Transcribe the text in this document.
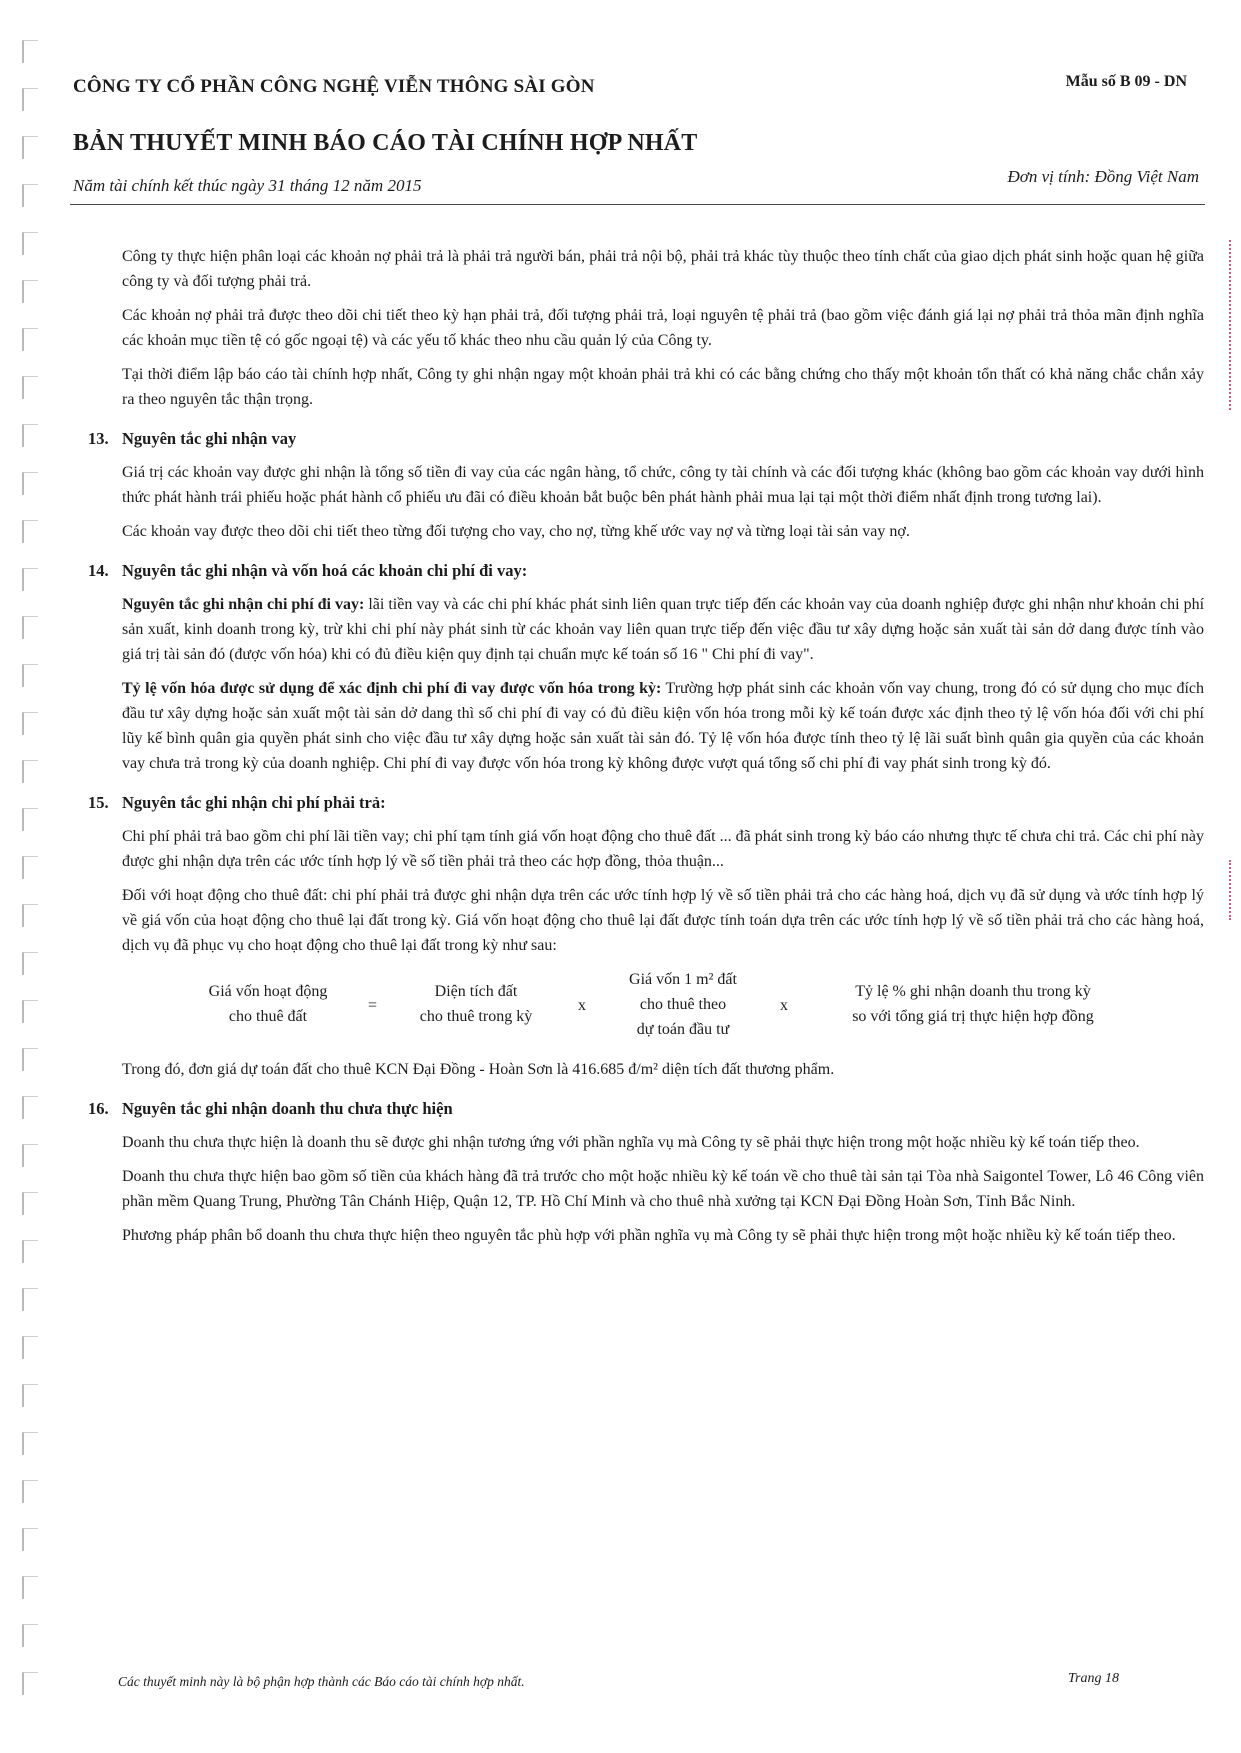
CÔNG TY CỔ PHẦN CÔNG NGHỆ VIỄN THÔNG SÀI GÒN	Mẫu số B 09 - DN
BẢN THUYẾT MINH BÁO CÁO TÀI CHÍNH HỢP NHẤT
Năm tài chính kết thúc ngày 31 tháng 12 năm 2015	Đơn vị tính: Đồng Việt Nam

Công ty thực hiện phân loại các khoản nợ phải trả là phải trả người bán, phải trả nội bộ, phải trả khác tùy thuộc theo tính chất của giao dịch phát sinh hoặc quan hệ giữa công ty và đối tượng phải trả.

Các khoản nợ phải trả được theo dõi chi tiết theo kỳ hạn phải trả, đối tượng phải trả, loại nguyên tệ phải trả (bao gồm việc đánh giá lại nợ phải trả thỏa mãn định nghĩa các khoản mục tiền tệ có gốc ngoại tệ) và các yếu tố khác theo nhu cầu quản lý của Công ty.

Tại thời điểm lập báo cáo tài chính hợp nhất, Công ty ghi nhận ngay một khoản phải trả khi có các bằng chứng cho thấy một khoản tổn thất có khả năng chắc chắn xảy ra theo nguyên tắc thận trọng.

13. Nguyên tắc ghi nhận vay

Giá trị các khoản vay được ghi nhận là tổng số tiền đi vay của các ngân hàng, tổ chức, công ty tài chính và các đối tượng khác (không bao gồm các khoản vay dưới hình thức phát hành trái phiếu hoặc phát hành cổ phiếu ưu đãi có điều khoản bắt buộc bên phát hành phải mua lại tại một thời điểm nhất định trong tương lai).

Các khoản vay được theo dõi chi tiết theo từng đối tượng cho vay, cho nợ, từng khế ước vay nợ và từng loại tài sản vay nợ.

14. Nguyên tắc ghi nhận và vốn hoá các khoản chi phí đi vay:

Nguyên tắc ghi nhận chi phí đi vay: lãi tiền vay và các chi phí khác phát sinh liên quan trực tiếp đến các khoản vay của doanh nghiệp được ghi nhận như khoản chi phí sản xuất, kinh doanh trong kỳ, trừ khi chi phí này phát sinh từ các khoản vay liên quan trực tiếp đến việc đầu tư xây dựng hoặc sản xuất tài sản dở dang được tính vào giá trị tài sản đó (được vốn hóa) khi có đủ điều kiện quy định tại chuẩn mực kế toán số 16 " Chi phí đi vay".

Tỷ lệ vốn hóa được sử dụng để xác định chi phí đi vay được vốn hóa trong kỳ: Trường hợp phát sinh các khoản vốn vay chung, trong đó có sử dụng cho mục đích đầu tư xây dựng hoặc sản xuất một tài sản dở dang thì số chi phí đi vay có đủ điều kiện vốn hóa trong mỗi kỳ kế toán được xác định theo tỷ lệ vốn hóa đối với chi phí lũy kế bình quân gia quyền phát sinh cho việc đầu tư xây dựng hoặc sản xuất tài sản đó. Tỷ lệ vốn hóa được tính theo tỷ lệ lãi suất bình quân gia quyền của các khoản vay chưa trả trong kỳ của doanh nghiệp. Chi phí đi vay được vốn hóa trong kỳ không được vượt quá tổng số chi phí đi vay phát sinh trong kỳ đó.

15. Nguyên tắc ghi nhận chi phí phải trả:

Chi phí phải trả bao gồm chi phí lãi tiền vay; chi phí tạm tính giá vốn hoạt động cho thuê đất ... đã phát sinh trong kỳ báo cáo nhưng thực tế chưa chi trả. Các chi phí này được ghi nhận dựa trên các ước tính hợp lý về số tiền phải trả theo các hợp đồng, thỏa thuận...

Đối với hoạt động cho thuê đất: chi phí phải trả được ghi nhận dựa trên các ước tính hợp lý về số tiền phải trả cho các hàng hoá, dịch vụ đã sử dụng và ước tính hợp lý về giá vốn của hoạt động cho thuê lại đất trong kỳ. Giá vốn hoạt động cho thuê lại đất được tính toán dựa trên các ước tính hợp lý về số tiền phải trả cho các hàng hoá, dịch vụ đã phục vụ cho hoạt động cho thuê lại đất trong kỳ như sau:

Giá vốn hoạt động
cho thuê đất
=
Diện tích đất
cho thuê trong kỳ
x
Giá vốn 1 m² đất
cho thuê theo
dự toán đầu tư
x
Tỷ lệ % ghi nhận doanh thu trong kỳ
so với tổng giá trị thực hiện hợp đồng

Trong đó, đơn giá dự toán đất cho thuê KCN Đại Đồng - Hoàn Sơn là 416.685 đ/m² diện tích đất thương phẩm.

16. Nguyên tắc ghi nhận doanh thu chưa thực hiện

Doanh thu chưa thực hiện là doanh thu sẽ được ghi nhận tương ứng với phần nghĩa vụ mà Công ty sẽ phải thực hiện trong một hoặc nhiều kỳ kế toán tiếp theo.

Doanh thu chưa thực hiện bao gồm số tiền của khách hàng đã trả trước cho một hoặc nhiều kỳ kế toán về cho thuê tài sản tại Tòa nhà Saigontel Tower, Lô 46 Công viên phần mềm Quang Trung, Phường Tân Chánh Hiệp, Quận 12, TP. Hồ Chí Minh và cho thuê nhà xưởng tại KCN Đại Đồng Hoàn Sơn, Tỉnh Bắc Ninh.

Phương pháp phân bổ doanh thu chưa thực hiện theo nguyên tắc phù hợp với phần nghĩa vụ mà Công ty sẽ phải thực hiện trong một hoặc nhiều kỳ kế toán tiếp theo.

Các thuyết minh này là bộ phận hợp thành các Báo cáo tài chính hợp nhất.	Trang 18
